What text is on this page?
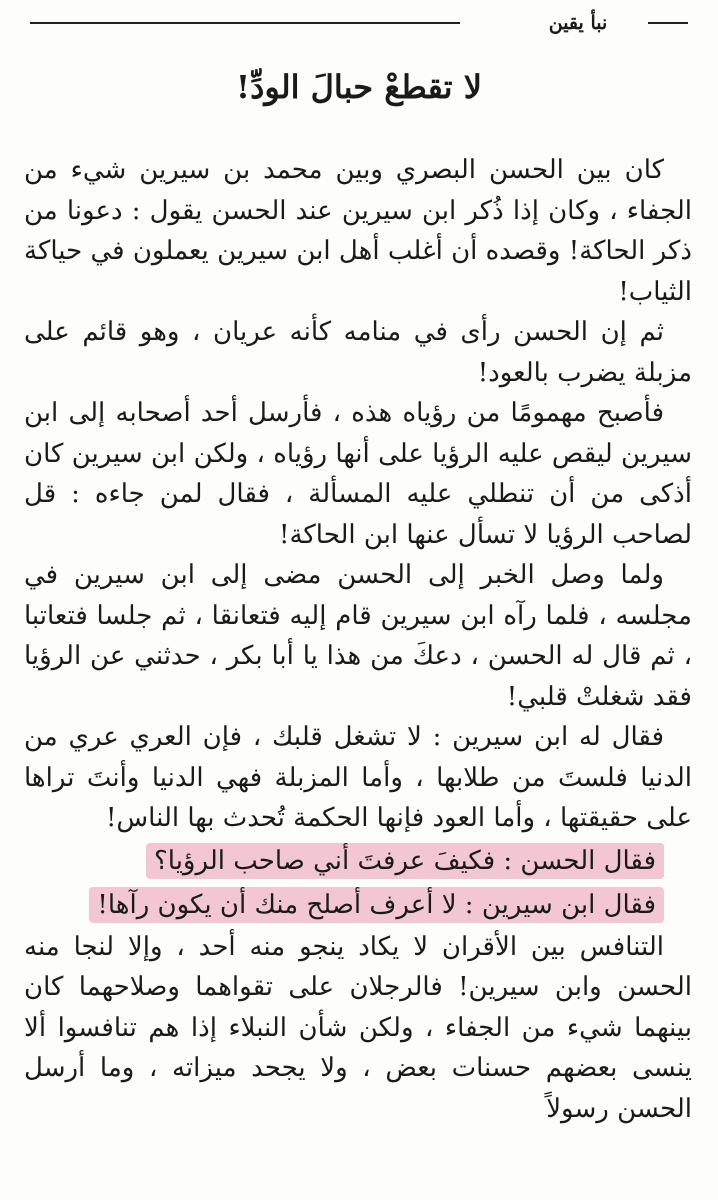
نبأ يقين
لا تقطعْ حبالَ الودِّ!

كان بين الحسن البصري وبين محمد بن سيرين شيء من الجفاء ، وكان إذا ذُكر ابن سيرين عند الحسن يقول : دعونا من ذكر الحاكة! وقصده أن أغلب أهل ابن سيرين يعملون في حياكة الثياب!

ثم إن الحسن رأى في منامه كأنه عريان ، وهو قائم على مزبلة يضرب بالعود!

فأصبح مهمومًا من رؤياه هذه ، فأرسل أحد أصحابه إلى ابن سيرين ليقص عليه الرؤيا على أنها رؤياه ، ولكن ابن سيرين كان أذكى من أن تنطلي عليه المسألة ، فقال لمن جاءه : قل لصاحب الرؤيا لا تسأل عنها ابن الحاكة!

ولما وصل الخبر إلى الحسن مضى إلى ابن سيرين في مجلسه ، فلما رآه ابن سيرين قام إليه فتعانقا ، ثم جلسا فتعاتبا ، ثم قال له الحسن ، دعكَ من هذا يا أبا بكر ، حدثني عن الرؤيا فقد شغلتْ قلبي!

فقال له ابن سيرين : لا تشغل قلبك ، فإن العري عري من الدنيا فلستَ من طلابها ، وأما المزبلة فهي الدنيا وأنتَ تراها على حقيقتها ، وأما العود فإنها الحكمة تُحدث بها الناس!

فقال الحسن : فكيفَ عرفتَ أني صاحب الرؤيا؟

فقال ابن سيرين : لا أعرف أصلح منك أن يكون رآها!

التنافس بين الأقران لا يكاد ينجو منه أحد ، وإلا لنجا منه الحسن وابن سيرين! فالرجلان على تقواهما وصلاحهما كان بينهما شيء من الجفاء ، ولكن شأن النبلاء إذا هم تنافسوا ألا ينسى بعضهم حسنات بعض ، ولا يجحد ميزاته ، وما أرسل الحسن رسولاً
